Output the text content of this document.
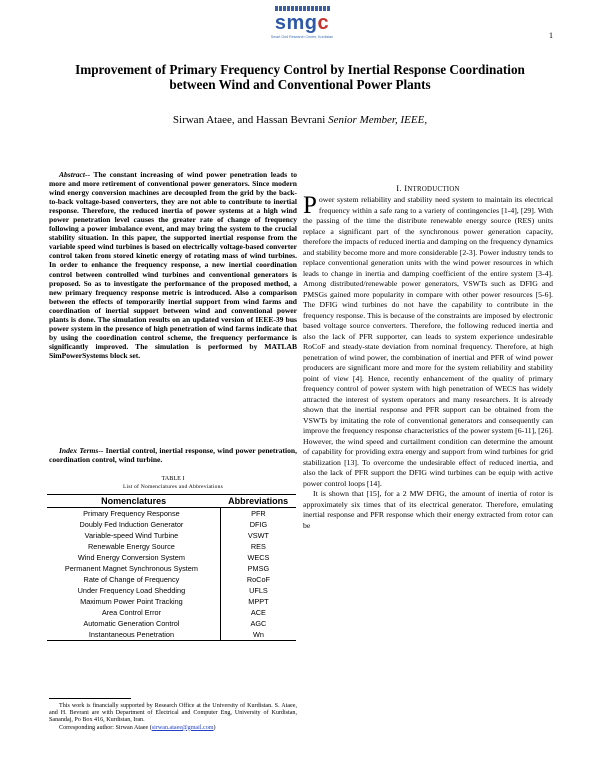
smgc
Smart Grid Research Center, Kurdistan	1
Improvement of Primary Frequency Control by Inertial Response Coordination between Wind and Conventional Power Plants
Sirwan Ataee, and Hassan Bevrani Senior Member, IEEE,

Abstract-- The constant increasing of wind power penetration leads to more and more retirement of conventional power generators. Since modern wind energy conversion machines are decoupled from the grid by the back-to-back voltage-based converters, they are not able to contribute to inertial response. Therefore, the reduced inertia of power systems at a high wind power penetration level causes the greater rate of change of frequency following a power imbalance event, and may bring the system to the crucial stability situation. In this paper, the supported inertial response from the variable speed wind turbines is based on electrically voltage-based converter control taken from stored kinetic energy of rotating mass of wind turbines. In order to enhance the frequency response, a new inertial coordination control between controlled wind turbines and conventional generators is proposed. So as to investigate the performance of the proposed method, a new primary frequency response metric is introduced. Also a comparison between the effects of temporarily inertial support from wind farms and coordination of inertial support between wind and conventional power plants is done. The simulation results on an updated version of IEEE-39 bus power system in the presence of high penetration of wind farms indicate that by using the coordination control scheme, the frequency performance is significantly improved. The simulation is performed by MATLAB SimPowerSystems block set.

Index Terms-- Inertial control, inertial response, wind power penetration, coordination control, wind turbine.

TABLE I
List of Nomenclatures and Abbreviations
Nomenclatures	Abbreviations
Primary Frequency Response	PFR
Doubly Fed Induction Generator	DFIG
Variable-speed Wind Turbine	VSWT
Renewable Energy Source	RES
Wind Energy Conversion System	WECS
Permanent Magnet Synchronous System	PMSG
Rate of Change of Frequency	RoCoF
Under Frequency Load Shedding	UFLS
Maximum Power Point Tracking	MPPT
Area Control Error	ACE
Automatic Generation Control	AGC
Instantaneous Penetration	Wn

This work is financially supported by Research Office at the University of Kurdistan. S. Ataee, and H. Bevrani are with Department of Electrical and Computer Eng, University of Kurdistan, Sanandaj, Po Box 416, Kurdistan, Iran.

Corresponding author: Sirwan Ataee (sirwan.ataee@gmail.com)

I. INTRODUCTION

Power system reliability and stability need system to maintain its electrical frequency within a safe rang to a variety of contingencies [1-4], [29]. With the passing of the time the distribute renewable energy source (RES) units replace a significant part of the synchronous power generation capacity, therefore the impacts of reduced inertia and damping on the frequency dynamics and stability become more and more considerable [2-3]. Power industry tends to replace conventional generation units with the wind power resources in which leads to change in inertia and damping coefficient of the entire system [3-4]. Among distributed/renewable power generators, VSWTs such as DFIG and PMSGs gained more popularity in compare with other power resources [5-6]. The DFIG wind turbines do not have the capability to contribute in the frequency response. This is because of the constraints are imposed by electronic based voltage source converters. Therefore, the following reduced inertia and also the lack of PFR supporter, can leads to system experience undesirable RoCoF and steady-state deviation from nominal frequency. Therefore, at high penetration of wind power, the combination of inertial and PFR of wind power producers are significant more and more for the system reliability and stability point of view [4]. Hence, recently enhancement of the quality of primary frequency control of power system with high penetration of WECS has widely attracted the interest of system operators and many researchers. It is already shown that the inertial response and PFR support can be obtained from the VSWTs by imitating the role of conventional generators and consequently can improve the frequency response characteristics of the power system [6-11], [26]. However, the wind speed and curtailment condition can determine the amount of capability for providing extra energy and support from wind turbines for grid stabilization [13]. To overcome the undesirable effect of reduced inertia, and also the lack of PFR support the DFIG wind turbines can be equip with active power control loops [14].

It is shown that [15], for a 2 MW DFIG, the amount of inertia of rotor is approximately six times that of its electrical generator. Therefore, emulating inertial response and PFR response which their energy extracted from rotor can be
